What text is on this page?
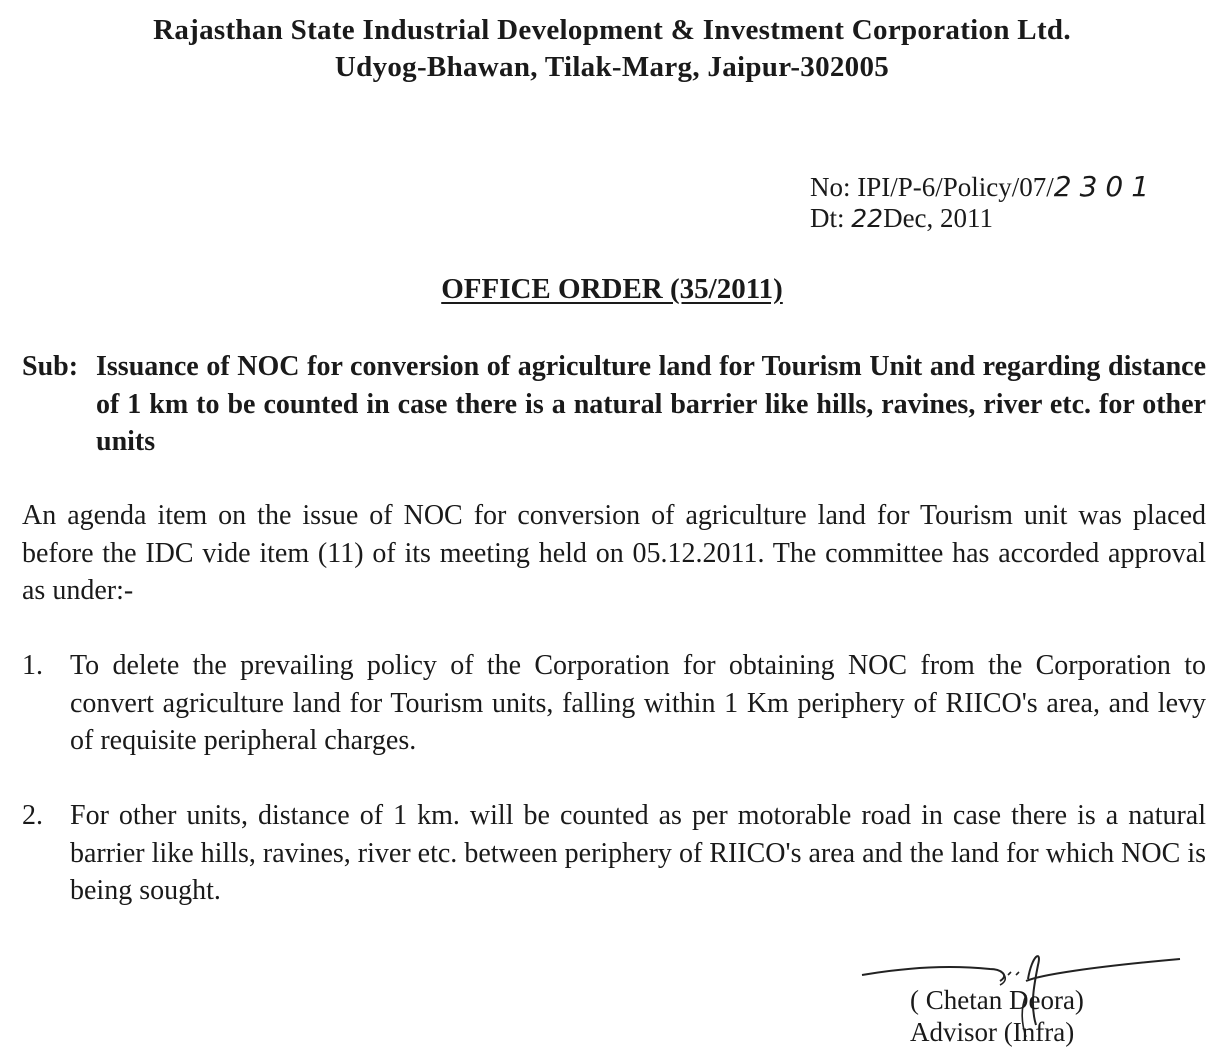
Rajasthan State Industrial Development & Investment Corporation Ltd.
Udyog-Bhawan, Tilak-Marg, Jaipur-302005
No: IPI/P-6/Policy/07/2301
Dt: 22Dec, 2011
OFFICE ORDER (35/2011)
Sub: Issuance of NOC for conversion of agriculture land for Tourism Unit and regarding distance of 1 km to be counted in case there is a natural barrier like hills, ravines, river etc. for other units
An agenda item on the issue of NOC for conversion of agriculture land for Tourism unit was placed before the IDC vide item (11) of its meeting held on 05.12.2011. The committee has accorded approval as under:-
1. To delete the prevailing policy of the Corporation for obtaining NOC from the Corporation to convert agriculture land for Tourism units, falling within 1 Km periphery of RIICO's area, and levy of requisite peripheral charges.
2. For other units, distance of 1 km. will be counted as per motorable road in case there is a natural barrier like hills, ravines, river etc. between periphery of RIICO's area and the land for which NOC is being sought.
( Chetan Deora)
Advisor (Infra)
